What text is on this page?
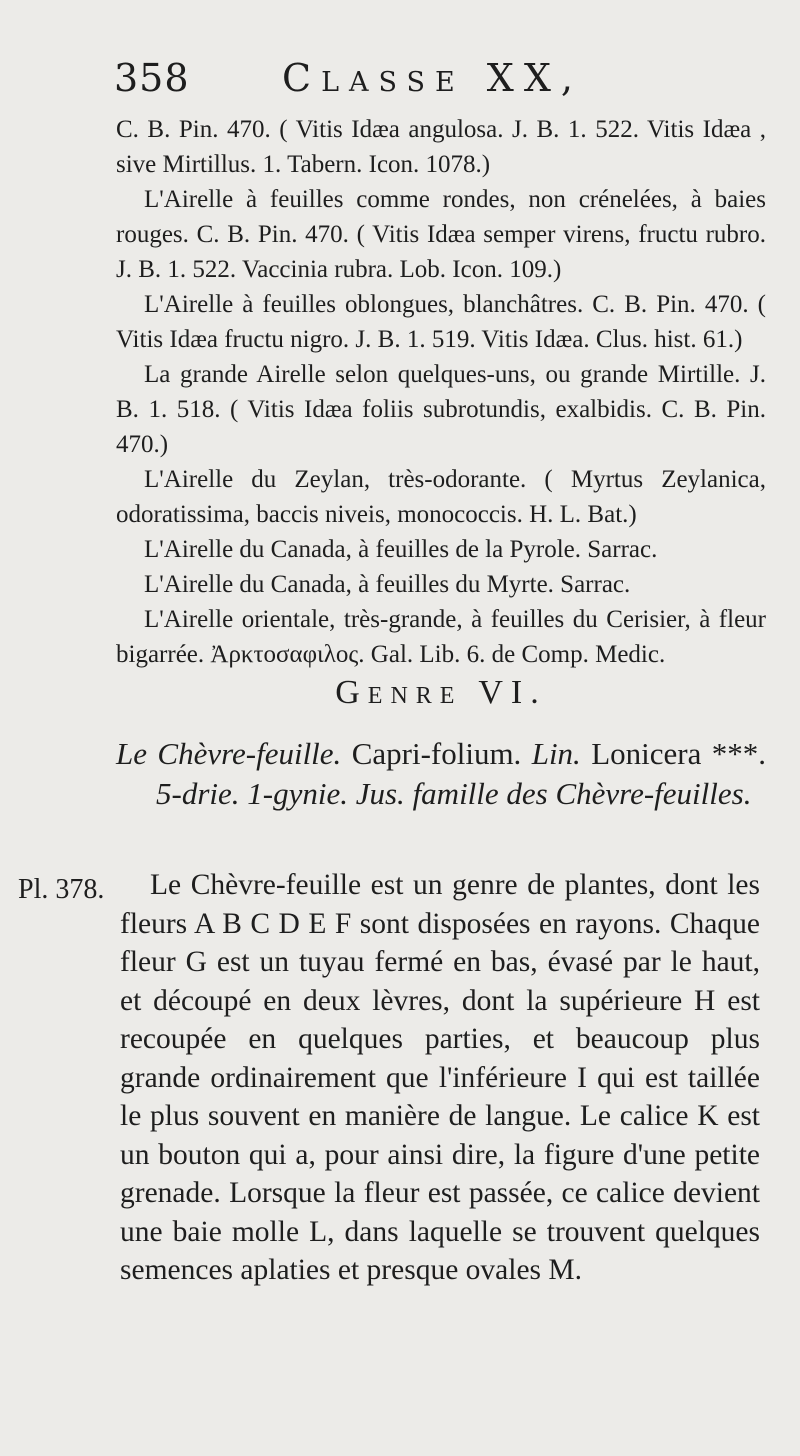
358 Classe XX,

C. B. Pin. 470. ( Vitis Idæa angulosa. J. B. 1. 522. Vitis Idæa , sive Mirtillus. 1. Tabern. Icon. 1078.)

L'Airelle à feuilles comme rondes, non crénelées, à baies rouges. C. B. Pin. 470. ( Vitis Idæa semper virens, fructu rubro. J. B. 1. 522. Vaccinia rubra. Lob. Icon. 109.)

L'Airelle à feuilles oblongues, blanchâtres. C. B. Pin. 470. ( Vitis Idæa fructu nigro. J. B. 1. 519. Vitis Idæa. Clus. hist. 61.)

La grande Airelle selon quelques-uns, ou grande Mirtille. J. B. 1. 518. ( Vitis Idæa foliis subrotundis, exalbidis. C. B. Pin. 470.)

L'Airelle du Zeylan, très-odorante. ( Myrtus Zeylanica, odoratissima, baccis niveis, monococcis. H. L. Bat.)

L'Airelle du Canada, à feuilles de la Pyrole. Sarrac.

L'Airelle du Canada, à feuilles du Myrte. Sarrac.

L'Airelle orientale, très-grande, à feuilles du Cerisier, à fleur bigarrée. Ἀρκτοσαφιλος. Gal. Lib. 6. de Comp. Medic.

Genre VI.
Le Chèvre-feuille. Capri-folium. Lin. Lonicera ***. 5-drie. 1-gynie. Jus. famille des Chèvre-feuilles.
Pl. 378.	Le Chèvre-feuille est un genre de plantes, dont les fleurs A B C D E F sont disposées en rayons. Chaque fleur G est un tuyau fermé en bas, évasé par le haut, et découpé en deux lèvres, dont la supérieure H est recoupée en quelques parties, et beaucoup plus grande ordinairement que l'inférieure I qui est taillée le plus souvent en manière de langue. Le calice K est un bouton qui a, pour ainsi dire, la figure d'une petite grenade. Lorsque la fleur est passée, ce calice devient une baie molle L, dans laquelle se trouvent quelques semences aplaties et presque ovales M.
